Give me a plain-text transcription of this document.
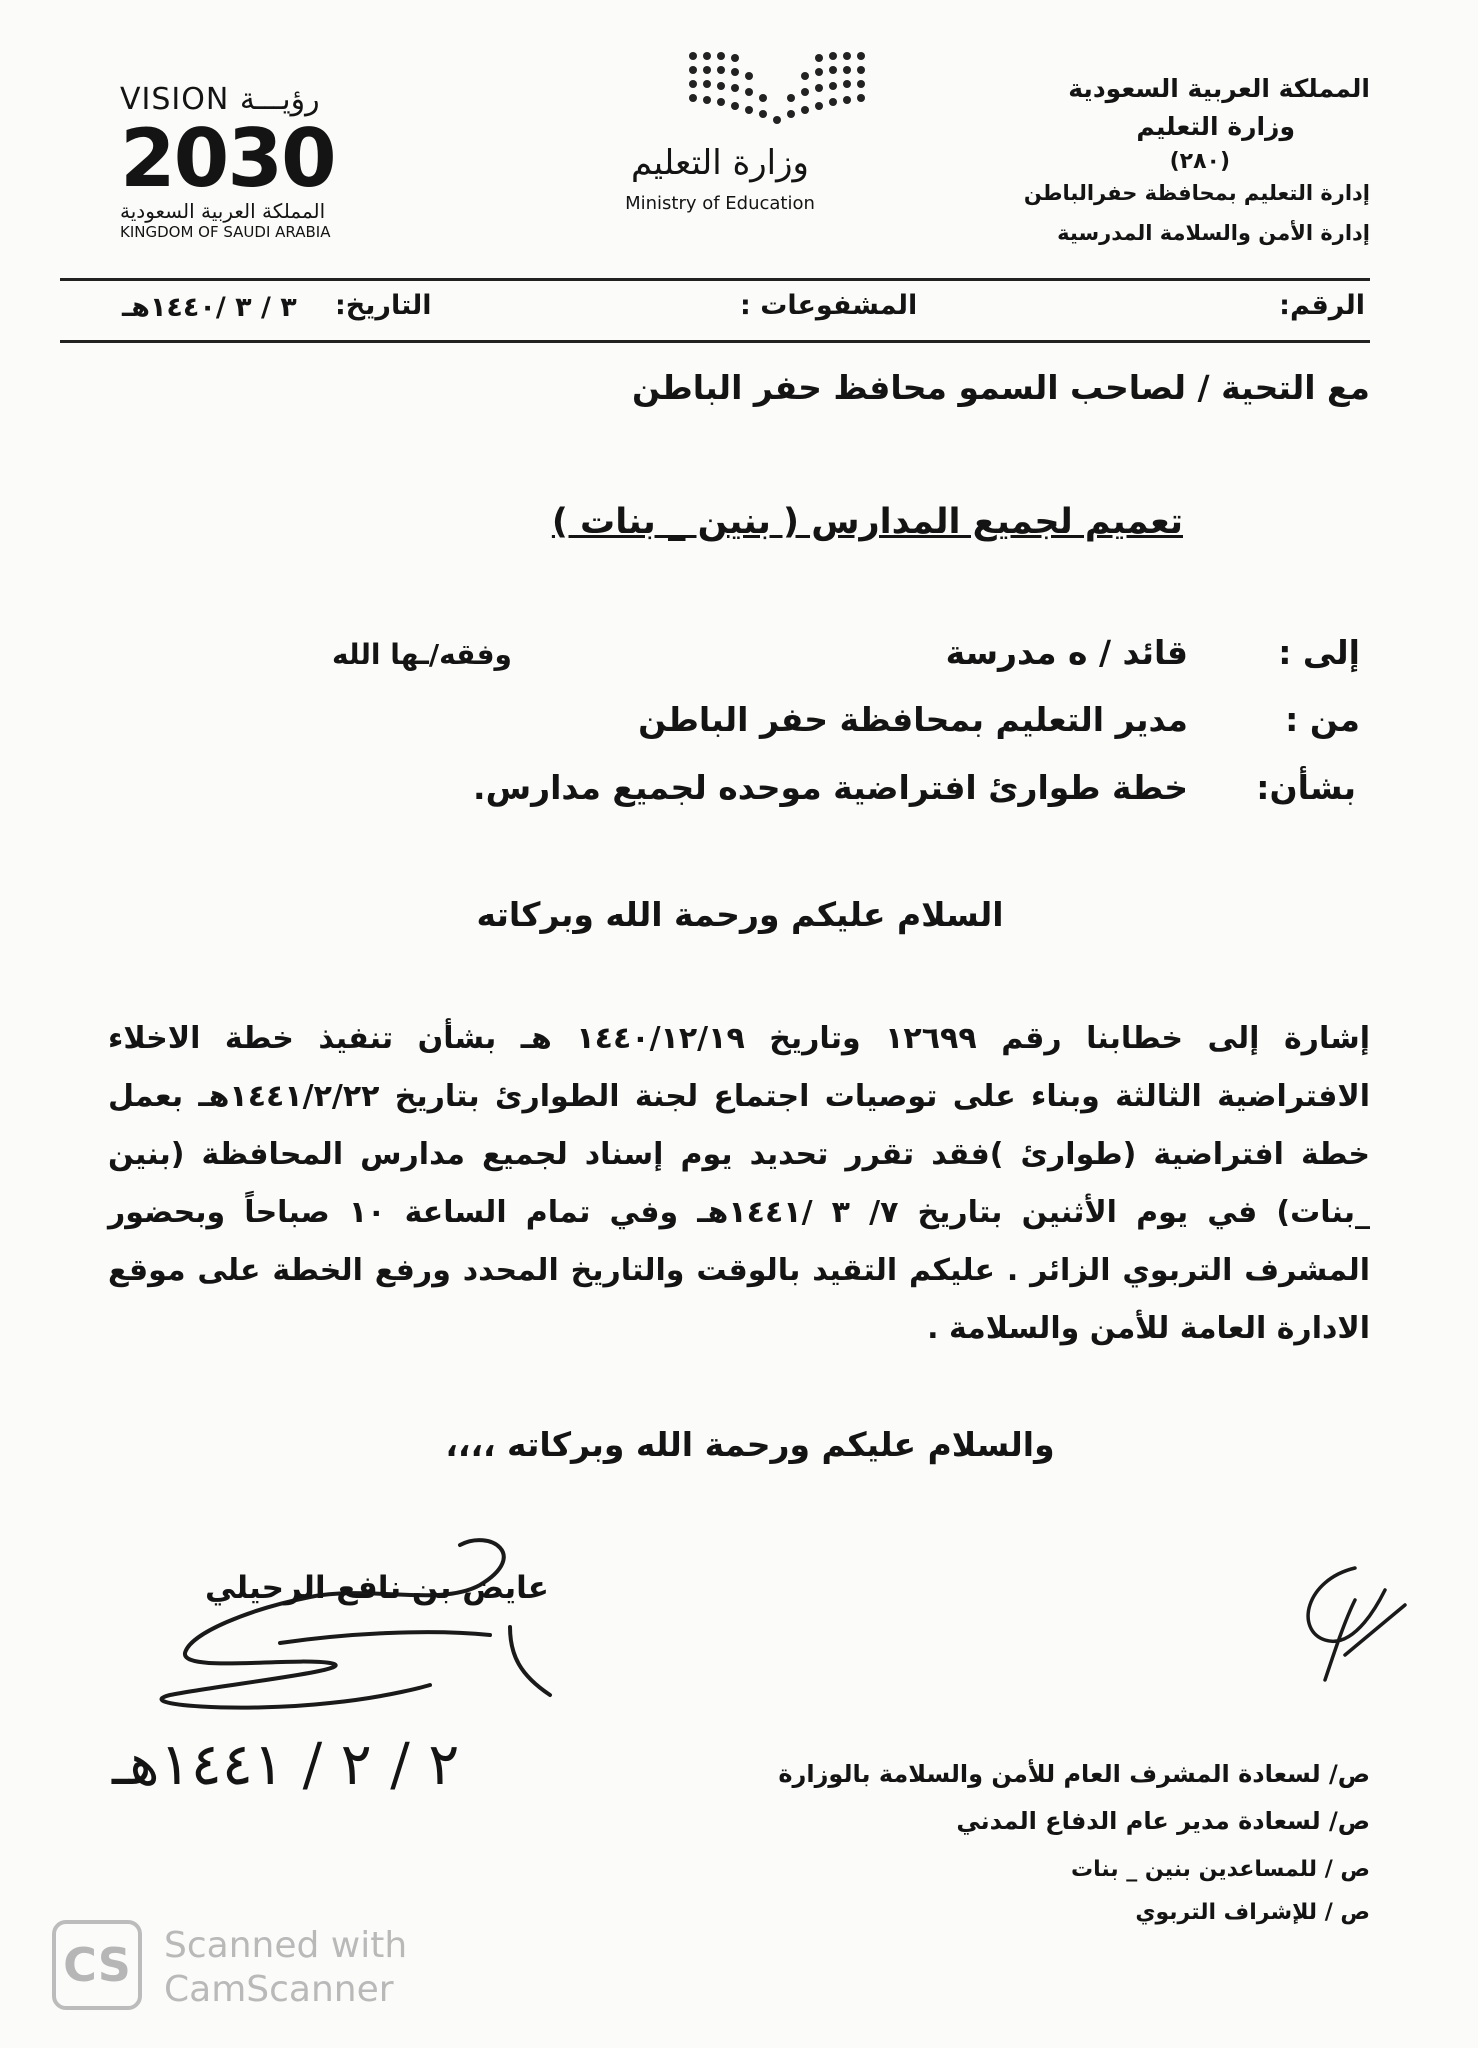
المملكة العربية السعودية
وزارة التعليم
(٢٨٠)
إدارة التعليم بمحافظة حفرالباطن
إدارة الأمن والسلامة المدرسية
وزارة التعليم
Ministry of Education
VISION رؤيـــة
2030
المملكة العربية السعودية
KINGDOM OF SAUDI ARABIA
الرقم:
المشفوعات :
التاريخ:
٣ / ٣ /١٤٤٠هـ
مع التحية / لصاحب السمو محافظ حفر الباطن
تعميم لجميع المدارس ( بنين _ بنات )
إلى :
قائد / ه مدرسة
وفقه/ـها الله
من :
مدير التعليم بمحافظة حفر الباطن
بشأن:
خطة طوارئ افتراضية موحده لجميع مدارس.
السلام عليكم ورحمة الله وبركاته
إشارة إلى خطابنا رقم ١٢٦٩٩ وتاريخ ١٤٤٠/١٢/١٩ هـ بشأن تنفيذ خطة الاخلاء الافتراضية الثالثة وبناء على توصيات اجتماع لجنة الطوارئ بتاريخ ١٤٤١/٢/٢٢هـ بعمل خطة افتراضية (طوارئ )فقد تقرر تحديد يوم إسناد لجميع مدارس المحافظة (بنين _بنات) في يوم الأثنين بتاريخ ٧/ ٣ /١٤٤١هـ وفي تمام الساعة ١٠ صباحاً وبحضور المشرف التربوي الزائر . عليكم التقيد بالوقت والتاريخ المحدد ورفع الخطة على موقع الادارة العامة للأمن والسلامة .
والسلام عليكم ورحمة الله وبركاته ،،،،
عايض بن نافع الرحيلي
٢ / ٢ / ١٤٤١هـ	ص/ لسعادة المشرف العام للأمن والسلامة بالوزارة
ص/ لسعادة مدير عام الدفاع المدني
ص / للمساعدين بنين _ بنات
ص / للإشراف التربوي
CS Scanned with
CamScanner
